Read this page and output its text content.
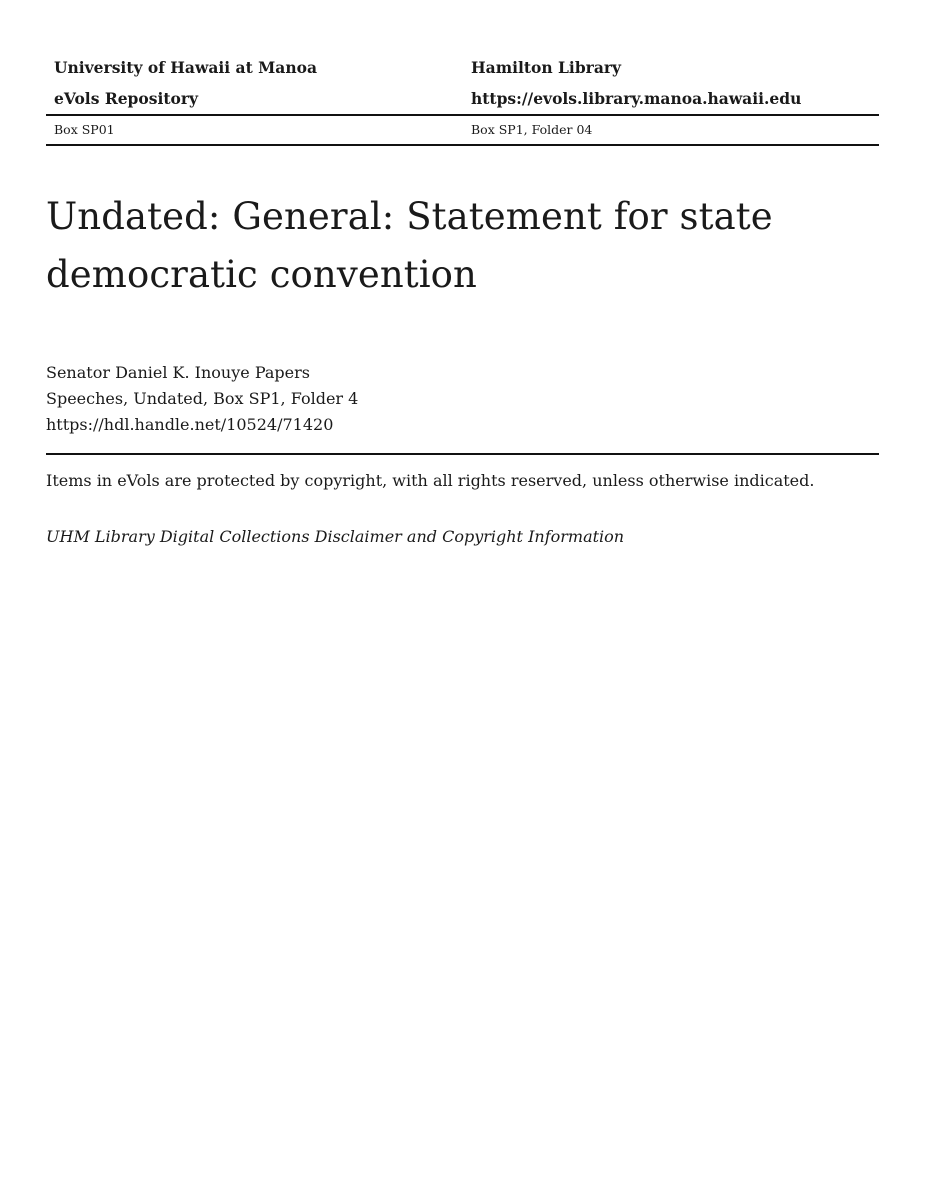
University of Hawaii at Manoa	Hamilton Library
eVols Repository	https://evols.library.manoa.hawaii.edu
Box SP01	Box SP1, Folder 04
Undated: General: Statement for state
democratic convention
Senator Daniel K. Inouye Papers
Speeches, Undated, Box SP1, Folder 4
https://hdl.handle.net/10524/71420
Items in eVols are protected by copyright, with all rights reserved, unless otherwise indicated.
UHM Library Digital Collections Disclaimer and Copyright Information
